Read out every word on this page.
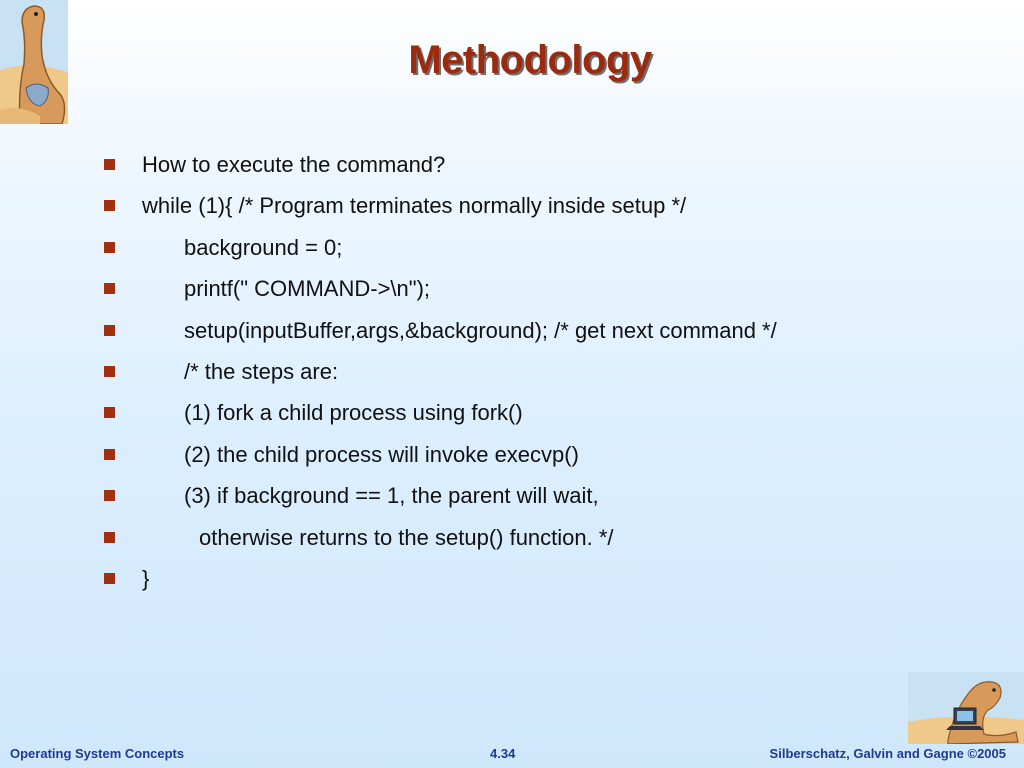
Methodology
How to execute the command?
while (1){ /* Program terminates normally inside setup */
background = 0;
printf(" COMMAND->\n");
setup(inputBuffer,args,&background); /* get next command */
/* the steps are:
(1) fork a child process using fork()
(2) the child process will invoke execvp()
(3) if background == 1, the parent will wait,
otherwise returns to the setup() function. */
}
Operating System Concepts	4.34	Silberschatz, Galvin and Gagne ©2005
